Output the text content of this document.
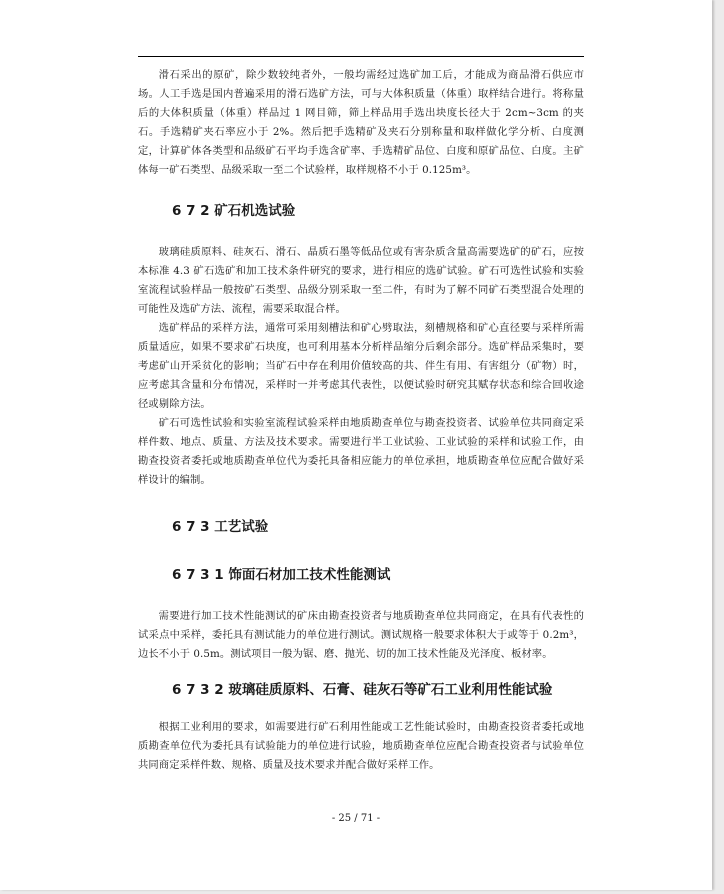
滑石采出的原矿，除少数较纯者外，一般均需经过选矿加工后，才能成为商品滑石供应市场。人工手选是国内普遍采用的滑石选矿方法，可与大体积质量（体重）取样结合进行。将称量后的大体积质量（体重）样品过 1 网目筛，筛上样品用手选出块度长径大于 2cm~3cm 的夹石。手选精矿夹石率应小于 2%。然后把手选精矿及夹石分别称量和取样做化学分析、白度测定，计算矿体各类型和品级矿石平均手选含矿率、手选精矿品位、白度和原矿品位、白度。主矿体每一矿石类型、品级采取一至二个试验样，取样规格不小于 0.125m³。

6 7 2 矿石机选试验

玻璃硅质原料、硅灰石、滑石、晶质石墨等低品位或有害杂质含量高需要选矿的矿石，应按本标准 4.3 矿石选矿和加工技术条件研究的要求，进行相应的选矿试验。矿石可选性试验和实验室流程试验样品一般按矿石类型、品级分别采取一至二件，有时为了解不同矿石类型混合处理的可能性及选矿方法、流程，需要采取混合样。

选矿样品的采样方法，通常可采用刻槽法和矿心劈取法，刻槽规格和矿心直径要与采样所需质量适应，如果不要求矿石块度，也可利用基本分析样品缩分后剩余部分。选矿样品采集时，要考虑矿山开采贫化的影响；当矿石中存在利用价值较高的共、伴生有用、有害组分（矿物）时，应考虑其含量和分布情况，采样时一并考虑其代表性，以便试验时研究其赋存状态和综合回收途径或剔除方法。

矿石可选性试验和实验室流程试验采样由地质勘查单位与勘查投资者、试验单位共同商定采样件数、地点、质量、方法及技术要求。需要进行半工业试验、工业试验的采样和试验工作，由勘查投资者委托或地质勘查单位代为委托具备相应能力的单位承担，地质勘查单位应配合做好采样设计的编制。

6 7 3 工艺试验
6 7 3 1 饰面石材加工技术性能测试

需要进行加工技术性能测试的矿床由勘查投资者与地质勘查单位共同商定，在具有代表性的试采点中采样，委托具有测试能力的单位进行测试。测试规格一般要求体积大于或等于 0.2m³，边长不小于 0.5m。测试项目一般为锯、磨、抛光、切的加工技术性能及光泽度、板材率。

6 7 3 2 玻璃硅质原料、石膏、硅灰石等矿石工业利用性能试验

根据工业利用的要求，如需要进行矿石利用性能或工艺性能试验时，由勘查投资者委托或地质勘查单位代为委托具有试验能力的单位进行试验，地质勘查单位应配合勘查投资者与试验单位共同商定采样件数、规格、质量及技术要求并配合做好采样工作。

- 25 / 71 -
